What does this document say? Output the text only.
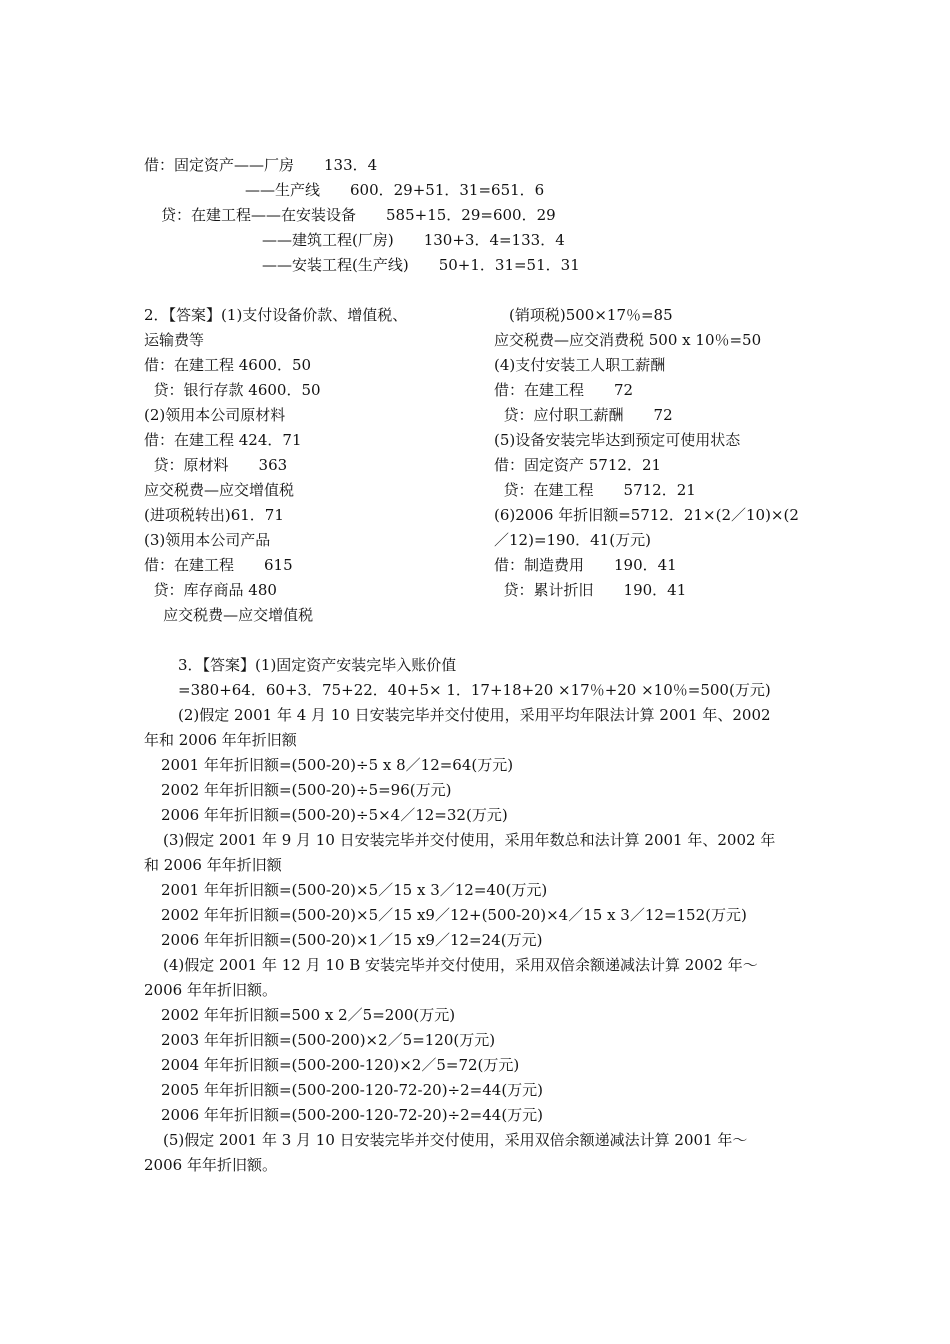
借：固定资产——厂房　　133．4
——生产线　　600．29+51．31=651．6
贷：在建工程——在安装设备　　585+15．29=600．29
——建筑工程(厂房)　　130+3．4=133．4
——安装工程(生产线)　　50+1．31=51．31
2．【答案】(1)支付设备价款、增值税、
运输费等
借：在建工程 4600．50
贷：银行存款 4600．50
(2)领用本公司原材料
借：在建工程 424．71
贷：原材料　　363
应交税费—应交增值税
(进项税转出)61．71
(3)领用本公司产品
借：在建工程　　615
贷：库存商品 480
应交税费—应交增值税
　(销项税)500×17％=85
应交税费—应交消费税 500 x 10％=50
(4)支付安装工人职工薪酬
借：在建工程　　72
贷：应付职工薪酬　　72
(5)设备安装完毕达到预定可使用状态
借：固定资产 5712．21
贷：在建工程　　5712．21
(6)2006 年折旧额=5712．21×(2／10)×(2
／12)=190．41(万元)
借：制造费用　　190．41
贷：累计折旧　　190．41
3．【答案】(1)固定资产安装完毕入账价值
=380+64．60+3．75+22．40+5× 1．17+18+20 ×17％+20 ×10％=500(万元)
(2)假定 2001 年 4 月 10 日安装完毕并交付使用，采用平均年限法计算 2001 年、2002
年和 2006 年年折旧额
2001 年年折旧额=(500-20)÷5 x 8／12=64(万元)
2002 年年折旧额=(500-20)÷5=96(万元)
2006 年年折旧额=(500-20)÷5×4／12=32(万元)
(3)假定 2001 年 9 月 10 日安装完毕并交付使用，采用年数总和法计算 2001 年、2002 年
和 2006 年年折旧额
2001 年年折旧额=(500-20)×5／15 x 3／12=40(万元)
2002 年年折旧额=(500-20)×5／15 x9／12+(500-20)×4／15 x 3／12=152(万元)
2006 年年折旧额=(500-20)×1／15 x9／12=24(万元)
(4)假定 2001 年 12 月 10 B 安装完毕并交付使用，采用双倍余额递减法计算 2002 年～
2006 年年折旧额。
2002 年年折旧额=500 x 2／5=200(万元)
2003 年年折旧额=(500-200)×2／5=120(万元)
2004 年年折旧额=(500-200-120)×2／5=72(万元)
2005 年年折旧额=(500-200-120-72-20)÷2=44(万元)
2006 年年折旧额=(500-200-120-72-20)÷2=44(万元)
(5)假定 2001 年 3 月 10 日安装完毕并交付使用，采用双倍余额递减法计算 2001 年～
2006 年年折旧额。
